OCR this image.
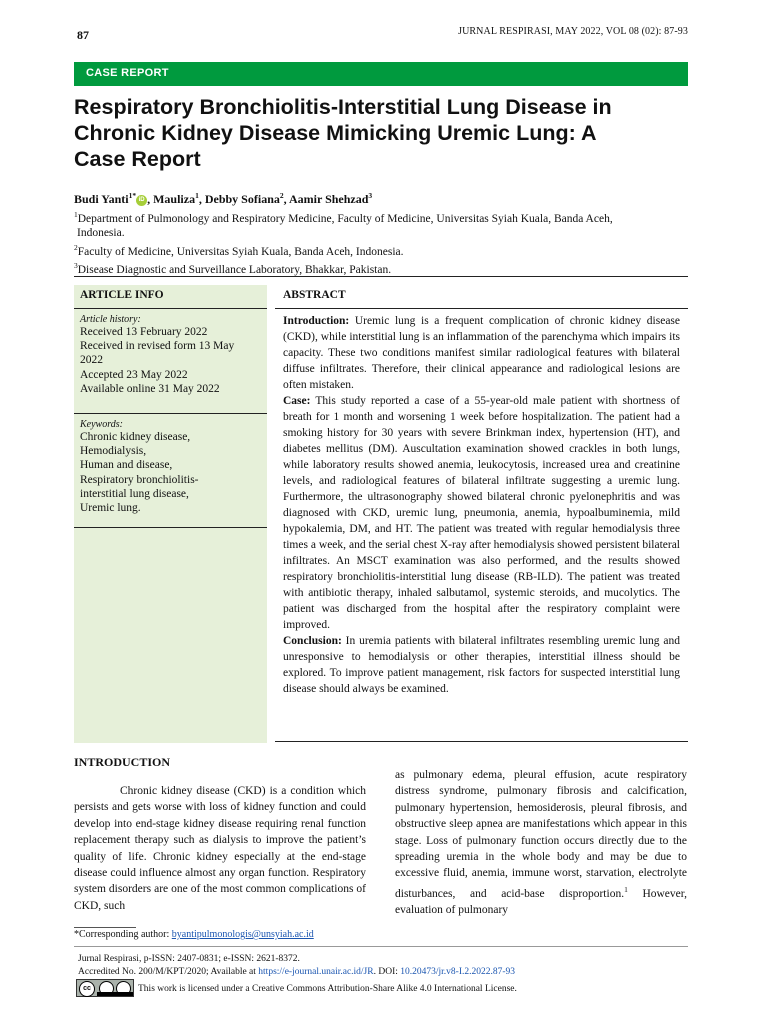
87	JURNAL RESPIRASI, MAY 2022, VOL 08 (02): 87-93
CASE REPORT
Respiratory Bronchiolitis-Interstitial Lung Disease in
Chronic Kidney Disease Mimicking Uremic Lung: A
Case Report
Budi Yanti$^{1*}$ iD , Mauliza$^1$, Debby Sofiana$^2$, Aamir Shehzad$^3$
$^1$Department of Pulmonology and Respiratory Medicine, Faculty of Medicine, Universitas Syiah Kuala, Banda Aceh,
Indonesia.
$^2$Faculty of Medicine, Universitas Syiah Kuala, Banda Aceh, Indonesia.
$^3$Disease Diagnostic and Surveillance Laboratory, Bhakkar, Pakistan.
ARTICLE INFO
Article history:
Received 13 February 2022
Received in revised form 13 May
2022
Accepted 23 May 2022
Available online 31 May 2022
Keywords:
Chronic kidney disease,
Hemodialysis,
Human and disease,
Respiratory bronchiolitis-
interstitial lung disease,
Uremic lung.
ABSTRACT

Introduction: Uremic lung is a frequent complication of chronic kidney disease (CKD), while interstitial lung is an inflammation of the parenchyma which impairs its capacity. These two conditions manifest similar radiological features with bilateral diffuse infiltrates. Therefore, their clinical appearance and radiological lesions are often mistaken.

Case: This study reported a case of a 55-year-old male patient with shortness of breath for 1 month and worsening 1 week before hospitalization. The patient had a smoking history for 30 years with severe Brinkman index, hypertension (HT), and diabetes mellitus (DM). Auscultation examination showed crackles in both lungs, while laboratory results showed anemia, leukocytosis, increased urea and creatinine levels, and radiological features of bilateral infiltrate suggesting a uremic lung. Furthermore, the ultrasonography showed bilateral chronic pyelonephritis and was diagnosed with CKD, uremic lung, pneumonia, anemia, hypoalbuminemia, mild hypokalemia, DM, and HT. The patient was treated with regular hemodialysis three times a week, and the serial chest X-ray after hemodialysis showed persistent bilateral infiltrates. An MSCT examination was also performed, and the results showed respiratory bronchiolitis-interstitial lung disease (RB-ILD). The patient was treated with antibiotic therapy, inhaled salbutamol, systemic steroids, and mucolytics. The patient was discharged from the hospital after the respiratory complaint were improved.

Conclusion: In uremia patients with bilateral infiltrates resembling uremic lung and unresponsive to hemodialysis or other therapies, interstitial illness should be explored. To improve patient management, risk factors for suspected interstitial lung disease should always be examined.

INTRODUCTION

Chronic kidney disease (CKD) is a condition which persists and gets worse with loss of kidney function and could develop into end-stage kidney disease requiring renal function replacement therapy such as dialysis to improve the patient’s quality of life. Chronic kidney especially at the end-stage disease could influence almost any organ function. Respiratory system disorders are one of the most common complications of CKD, such

as pulmonary edema, pleural effusion, acute respiratory distress syndrome, pulmonary fibrosis and calcification, pulmonary hypertension, hemosiderosis, pleural fibrosis, and obstructive sleep apnea are manifestations which appear in this stage. Loss of pulmonary function occurs directly due to the spreading uremia in the whole body and may be due to excessive fluid, anemia, immune worst, starvation, electrolyte disturbances, and acid-base disproportion.$^1$ However, evaluation of pulmonary

*Corresponding author: byantipulmonologis@unsyiah.ac.id
Jurnal Respirasi, p-ISSN: 2407-0831; e-ISSN: 2621-8372.
Accredited No. 200/M/KPT/2020; Available at https://e-journal.unair.ac.id/JR. DOI: 10.20473/jr.v8-I.2.2022.87-93
cc	This work is licensed under a Creative Commons Attribution-Share Alike 4.0 International License.
